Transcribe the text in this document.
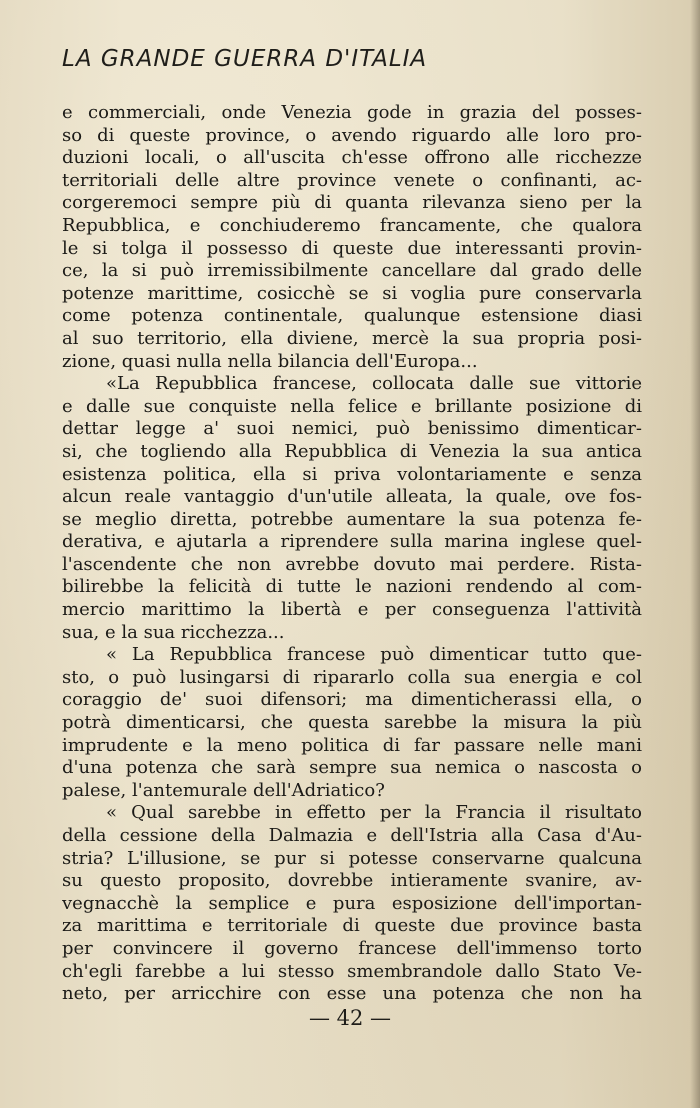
LA GRANDE GUERRA D'ITALIA
e commerciali, onde Venezia gode in grazia del posses-
so di queste province, o avendo riguardo alle loro pro-
duzioni locali, o all'uscita ch'esse offrono alle ricchezze
territoriali delle altre province venete o confinanti, ac-
corgeremoci sempre più di quanta rilevanza sieno per la
Repubblica, e conchiuderemo francamente, che qualora
le si tolga il possesso di queste due interessanti provin-
ce, la si può irremissibilmente cancellare dal grado delle
potenze marittime, cosicchè se si voglia pure conservarla
come potenza continentale, qualunque estensione diasi
al suo territorio, ella diviene, mercè la sua propria posi-
zione, quasi nulla nella bilancia dell'Europa...
«La Repubblica francese, collocata dalle sue vittorie
e dalle sue conquiste nella felice e brillante posizione di
dettar legge a' suoi nemici, può benissimo dimenticar-
si, che togliendo alla Repubblica di Venezia la sua antica
esistenza politica, ella si priva volontariamente e senza
alcun reale vantaggio d'un'utile alleata, la quale, ove fos-
se meglio diretta, potrebbe aumentare la sua potenza fe-
derativa, e ajutarla a riprendere sulla marina inglese quel-
l'ascendente che non avrebbe dovuto mai perdere. Rista-
bilirebbe la felicità di tutte le nazioni rendendo al com-
mercio marittimo la libertà e per conseguenza l'attività
sua, e la sua ricchezza...
« La Repubblica francese può dimenticar tutto que-
sto, o può lusingarsi di ripararlo colla sua energia e col
coraggio de' suoi difensori; ma dimenticherassi ella, o
potrà dimenticarsi, che questa sarebbe la misura la più
imprudente e la meno politica di far passare nelle mani
d'una potenza che sarà sempre sua nemica o nascosta o
palese, l'antemurale dell'Adriatico?
« Qual sarebbe in effetto per la Francia il risultato
della cessione della Dalmazia e dell'Istria alla Casa d'Au-
stria? L'illusione, se pur si potesse conservarne qualcuna
su questo proposito, dovrebbe intieramente svanire, av-
vegnacchè la semplice e pura esposizione dell'importan-
za marittima e territoriale di queste due province basta
per convincere il governo francese dell'immenso torto
ch'egli farebbe a lui stesso smembrandole dallo Stato Ve-
neto, per arricchire con esse una potenza che non ha
— 42 —
